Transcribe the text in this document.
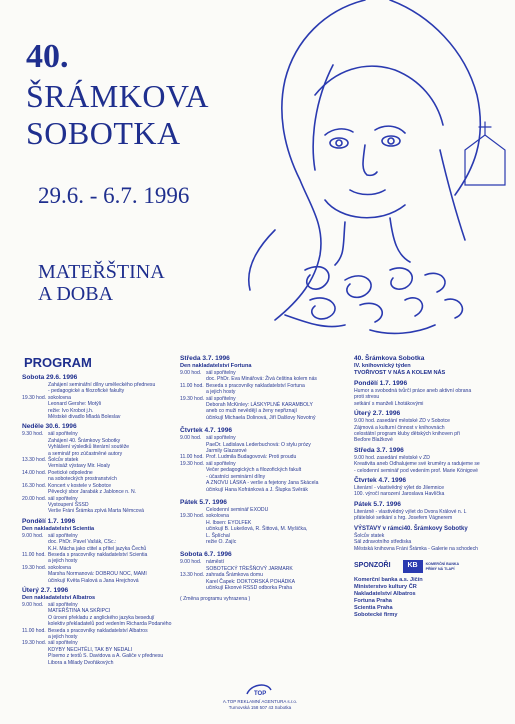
40.
ŠRÁMKOVA
SOBOTKA
29.6. - 6.7. 1996
MATEŘŠTINA
A DOBA
PROGRAM
Sobota 29.6. 1996
Zahájení seminářní dílny uměleckého přednesu
- pedagogické a filozofické fakulty
19.30 hod. sokolovna
Leonard Gershe: Motýli
režie: Ivo Krobot j.h.
Městské divadlo Mladá Boleslav
Neděle 30.6. 1996
9.30 hod. sál spořitelny
Zahájení 40. Šrámkovy Sobotky
Vyhlášení výsledků literární soutěže
a seminář pro zúčastněné autory
13.30 hod. Šolcův statek
Vernisáž výstavy Mir. Hoaly
14.00 hod. Poetické odpoledne
na soboteckých prostranstvích
16.30 hod. Koncert v kostele v Sobotce
Pěvecký sbor Jarabák z Jablonce n. N.
20.00 hod. sál spořitelny
Vystoupení ŠSSD
Verše Fráni Šrámka zpívá Marta Němcová
Pondělí 1.7. 1996
Den nakladatelství Scientia
9.00 hod. sál spořitelny
doc. PhDr. Pavel Vašák, CSc.:
K.H. Mácha jako ctitel a přítel jazyka Čechů
11.00 hod. Beseda s pracovníky nakladatelství Scientia
a jejich hosty
19.30 hod. sokolovna
Marsha Normanová: DOBROU NOC, MAMI
účinkují Květa Fialová a Jana Hrejchová
Úterý 2.7. 1996
Den nakladatelství Albatros
9.00 hod. sál spořitelny
MATEŘŠTINA NA SKŘIPCI
O úrovni překladu z anglického jazyka besedují
kolektiv překladatelů pod vedením Richarda Podaného
11.00 hod. Beseda s pracovníky nakladatelství Albatros
a jejich hosty
19.30 hod. sál spořitelny
KDYBY NECHTĚLI, TAK BY NEDALI
Písemo z textů S. Davidova a A. Galiče v přednesu
Libora a Milady Dvořákových
Středa 3.7. 1996
Den nakladatelství Fortuna
9.00 hod. sál spořitelny
doc. PhDr. Eva Minářová: Živá čeština kolem nás
11.00 hod. Beseda s pracovníky nakladatelství Fortuna
a jejich hosty
19.30 hod. sál spořitelny
Deborah McKinley: LÁSKYPLNÉ KARAMBOLY
aneb co muži nevědějí a ženy nepřiznají
účinkují Michaela Dolinová, Jiří Dalšovy Novotný
Čtvrtek 4.7. 1996
9.00 hod. sál spořitelny
PaeDr. Ladislava Lederbuchová: O stylu prózy
Jarmily Glazarové
11.00 hod. Prof. Ludmila Budagovová: Proti proudu
19.30 hod. sál spořitelny
Večer pedagogických a filozofických fakult
- účastníci seminární dílny
A ZNOVU LÁSKA - verše a fejetony Jana Skácela
účinkují Hana Kofránková a J. Šlupka Svěrák
Pátek 5.7. 1996
Celodenní seminář EXODU
19.30 hod. sokolovna
H. Ibsen: EYOLFEK
učinkují B. Lukešová, R. Šittová, M. Myšička,
L. Šplíchal
režie O. Zajíc
Sobota 6.7. 1996
9.00 hod. náměstí
SOBOTECKÝ TŘEŠŇOVÝ JARMARK
13.30 hod. zahrada Šrámkova domu
Karel Čapek: DOKTORSKÁ POHÁDKA
učinkují Ekonvé RSSD odborka Praha
( Změna programu vyhrazena )
40. Šrámkova Sobotka
IV. knihovnický týden
TVOŘIVOST V NÁS A KOLEM NÁS
Pondělí 1.7. 1996
Humor a svobodná tvůrčí práce aneb aktivní obrana
proti stresu
setkání s manželi Lhotákovými
Úterý 2.7. 1996
9.00 hod. zasedání městské ZD v Sobotce
Zájmová a kulturní činnost v knihovnách
celostátní program kluby dětských knihoven při
Beďore Blažkové
Středa 3.7. 1996
9.00 hod. zasedání městské v ZD
Kreativita aneb Odhalujeme své kruměry a radujeme se
- celodenní seminář pod vedením prof. Marie Königové
Čtvrtek 4.7. 1996
Literární - vlastivědný výlet do Jilemnice
100. výročí narození Jaroslava Havlíčka
Pátek 5.7. 1996
Literárně - vlastivědný výlet do Dvora Králové n. L
přátelské setkání s hrg. Josefem Vágnerem
VÝSTAVY v rámci40. Šrámkovy Sobotky
Šolcův statek
Sál zdravotního střediska
Městská knihovna Fráni Šrámka - Galerie na schodech
SPONZOŘI	KB	KOMERČNÍ BANKA
PŘÍMÝ NÁ TLAPÍ
Komerční banka a.s. Jičín
Ministerstvo kultury ČR
Nakladatelství Albatros
Fortuna Praha
Scientia Praha
Sobotecké firmy
TOP
A.TOP REKLAMNÍ AGENTURA s.r.o.
Turnovská 158 507 43 Sobotka
